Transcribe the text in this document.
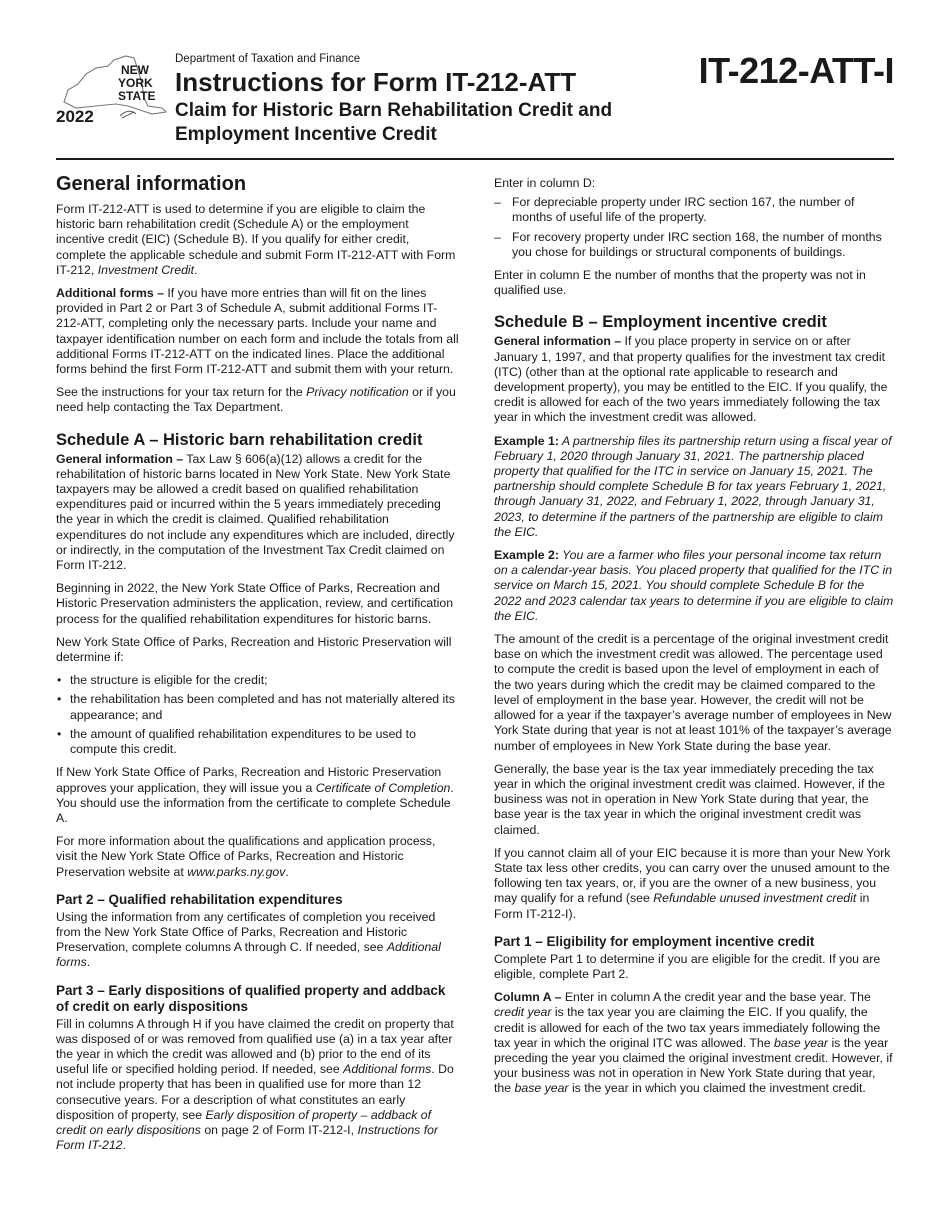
NEW
YORK
STATE
2022
Department of Taxation and Finance
Instructions for Form IT-212-ATT
Claim for Historic Barn Rehabilitation Credit and
Employment Incentive Credit
IT-212-ATT-I
General information

Form IT-212-ATT is used to determine if you are eligible to claim the historic barn rehabilitation credit (Schedule A) or the employment incentive credit (EIC) (Schedule B). If you qualify for either credit, complete the applicable schedule and submit Form IT-212-ATT with Form IT-212, Investment Credit.

Additional forms – If you have more entries than will fit on the lines provided in Part 2 or Part 3 of Schedule A, submit additional Forms IT-212-ATT, completing only the necessary parts. Include your name and taxpayer identification number on each form and include the totals from all additional Forms IT-212-ATT on the indicated lines. Place the additional forms behind the first Form IT-212-ATT and submit them with your return.

See the instructions for your tax return for the Privacy notification or if you need help contacting the Tax Department.

Schedule A – Historic barn rehabilitation credit

General information – Tax Law § 606(a)(12) allows a credit for the rehabilitation of historic barns located in New York State. New York State taxpayers may be allowed a credit based on qualified rehabilitation expenditures paid or incurred within the 5 years immediately preceding the year in which the credit is claimed. Qualified rehabilitation expenditures do not include any expenditures which are included, directly or indirectly, in the computation of the Investment Tax Credit claimed on Form IT-212.

Beginning in 2022, the New York State Office of Parks, Recreation and Historic Preservation administers the application, review, and certification process for the qualified rehabilitation expenditures for historic barns.

New York State Office of Parks, Recreation and Historic Preservation will determine if:

• the structure is eligible for the credit;
• the rehabilitation has been completed and has not materially altered its appearance; and
• the amount of qualified rehabilitation expenditures to be used to compute this credit.

If New York State Office of Parks, Recreation and Historic Preservation approves your application, they will issue you a Certificate of Completion. You should use the information from the certificate to complete Schedule A.

For more information about the qualifications and application process, visit the New York State Office of Parks, Recreation and Historic Preservation website at www.parks.ny.gov.

Part 2 – Qualified rehabilitation expenditures

Using the information from any certificates of completion you received from the New York State Office of Parks, Recreation and Historic Preservation, complete columns A through C. If needed, see Additional forms.

Part 3 – Early dispositions of qualified property and addback of credit on early dispositions

Fill in columns A through H if you have claimed the credit on property that was disposed of or was removed from qualified use (a) in a tax year after the year in which the credit was allowed and (b) prior to the end of its useful life or specified holding period. If needed, see Additional forms. Do not include property that has been in qualified use for more than 12 consecutive years. For a description of what constitutes an early disposition of property, see Early disposition of property – addback of credit on early dispositions on page 2 of Form IT-212-I, Instructions for Form IT-212.

Enter in column D:

– For depreciable property under IRC section 167, the number of months of useful life of the property.
– For recovery property under IRC section 168, the number of months you chose for buildings or structural components of buildings.

Enter in column E the number of months that the property was not in qualified use.

Schedule B – Employment incentive credit

General information – If you place property in service on or after January 1, 1997, and that property qualifies for the investment tax credit (ITC) (other than at the optional rate applicable to research and development property), you may be entitled to the EIC. If you qualify, the credit is allowed for each of the two years immediately following the tax year in which the investment credit was allowed.

Example 1: A partnership files its partnership return using a fiscal year of February 1, 2020 through January 31, 2021. The partnership placed property that qualified for the ITC in service on January 15, 2021. The partnership should complete Schedule B for tax years February 1, 2021, through January 31, 2022, and February 1, 2022, through January 31, 2023, to determine if the partners of the partnership are eligible to claim the EIC.

Example 2: You are a farmer who files your personal income tax return on a calendar-year basis. You placed property that qualified for the ITC in service on March 15, 2021. You should complete Schedule B for the 2022 and 2023 calendar tax years to determine if you are eligible to claim the EIC.

The amount of the credit is a percentage of the original investment credit base on which the investment credit was allowed. The percentage used to compute the credit is based upon the level of employment in each of the two years during which the credit may be claimed compared to the level of employment in the base year. However, the credit will not be allowed for a year if the taxpayer’s average number of employees in New York State during that year is not at least 101% of the taxpayer’s average number of employees in New York State during the base year.

Generally, the base year is the tax year immediately preceding the tax year in which the original investment credit was claimed. However, if the business was not in operation in New York State during that year, the base year is the tax year in which the original investment credit was claimed.

If you cannot claim all of your EIC because it is more than your New York State tax less other credits, you can carry over the unused amount to the following ten tax years, or, if you are the owner of a new business, you may qualify for a refund (see Refundable unused investment credit in Form IT-212-I).

Part 1 – Eligibility for employment incentive credit

Complete Part 1 to determine if you are eligible for the credit. If you are eligible, complete Part 2.

Column A – Enter in column A the credit year and the base year. The credit year is the tax year you are claiming the EIC. If you qualify, the credit is allowed for each of the two tax years immediately following the tax year in which the original ITC was allowed. The base year is the year preceding the year you claimed the original investment credit. However, if your business was not in operation in New York State during that year, the base year is the year in which you claimed the investment credit.
